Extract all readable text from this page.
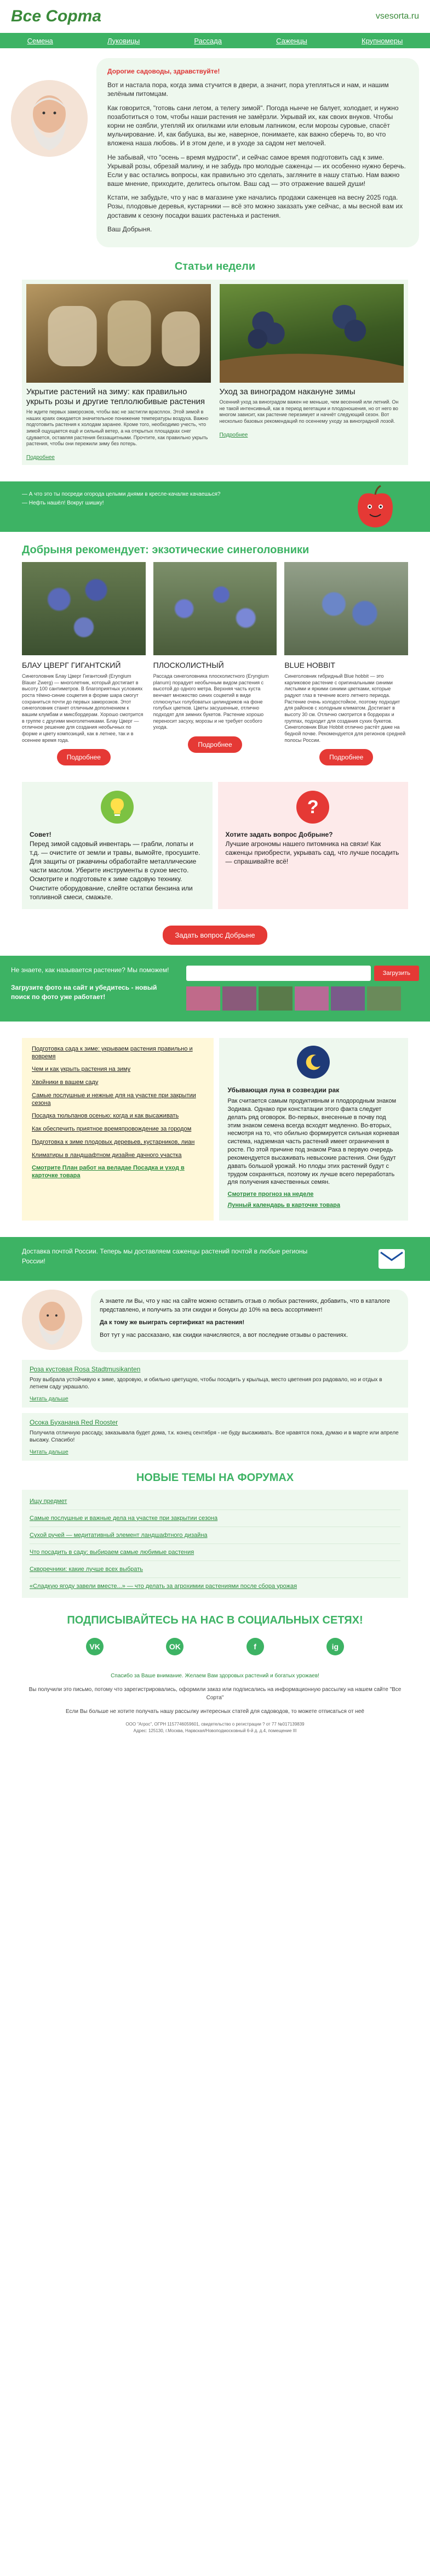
Все Сорта	vsesorta.ru
Семена	Луковицы	Рассада	Саженцы	Крупномеры

Дорогие садоводы, здравствуйте!

Вот и настала пора, когда зима стучится в двери, а значит, пора утепляться и нам, и нашим зелёным питомцам.

Как говорится, "готовь сани летом, а телегу зимой". Погода нынче не балует, холодает, и нужно позаботиться о том, чтобы наши растения не замёрзли. Укрывай их, как своих внуков. Чтобы корни не озябли, утепляй их опилками или еловым лапником, если морозы суровые, спасёт мульчирование. И, как бабушка, вы же, наверное, понимаете, как важно сберечь то, во что вложена наша любовь. И в этом деле, и в уходе за садом нет мелочей.

Не забывай, что "осень – время мудрости", и сейчас самое время подготовить сад к зиме. Укрывай розы, обрезай малину, и не забудь про молодые саженцы — их особенно нужно беречь. Если у вас остались вопросы, как правильно это сделать, загляните в нашу статью. Нам важно ваше мнение, приходите, делитесь опытом. Ваш сад — это отражение вашей души!

Кстати, не забудьте, что у нас в магазине уже начались продажи саженцев на весну 2025 года. Розы, плодовые деревья, кустарники — всё это можно заказать уже сейчас, а мы весной вам их доставим к сезону посадки ваших растенька и растения.

Ваш Добрыня.

Статьи недели
Укрытие растений на зиму: как правильно укрыть розы и другие теплолюбивые растения
Не ждите первых заморозков, чтобы вас не застигли врасплох. Этой зимой в наших краях ожидается значительное понижение температуры воздуха. Важно подготовить растения к холодам заранее. Кроме того, необходимо учесть, что зимой ощущается ещё и сильный ветер, а на открытых площадках снег сдувается, оставляя растения беззащитными. Прочтите, как правильно укрыть растения, чтобы они пережили зиму без потерь.
Подробнее
Уход за виноградом накануне зимы
Осенний уход за виноградом важен не меньше, чем весенний или летний. Он не такой интенсивный, как в период вегетации и плодоношения, но от него во многом зависит, как растение перезимует и начнёт следующий сезон. Вот несколько базовых рекомендаций по осеннему уходу за виноградной лозой.
Подробнее
— А что это ты посреди огорода целыми днями в кресле-качалке качаешься?
— Нефть нашёл! Вокруг шишку!
Добрыня рекомендует: экзотические синеголовники
БЛАУ ЦВЕРГ ГИГАНТСКИЙ
Синеголовник Блау Цверг Гигантский (Eryngium Blauer Zwerg) — многолетник, который достигает в высоту 100 сантиметров. В благоприятных условиях роста тёмно-синие соцветия в форме шара смогут сохраниться почти до первых заморозков. Этот синеголовник станет отличным дополнением к вашим клумбам и миксбордерам. Хорошо смотрится в группе с другими многолетниками. Блау Цверг — отличное решение для создания необычных по форме и цвету композиций, как в летнее, так и в осеннее время года.
Подробнее
ПЛОСКОЛИСТНЫЙ
Рассада синеголовника плосколистного (Eryngium planum) порадует необычным видом растения с высотой до одного метра. Верхняя часть куста венчает множество синих соцветий в виде сплюснутых голубоватых цилиндриков на фоне голубых цветков. Цветы засушенные, отлично подходят для зимних букетов. Растение хорошо переносит засуху, морозы и не требует особого ухода.
Подробнее
BLUE HOBBIT
Синеголовник гибридный Blue hobbit — это карликовое растение с оригинальными синими листьями и яркими синими цветками, которые радуют глаз в течение всего летнего периода. Растение очень холодостойкое, поэтому подходит для районов с холодным климатом. Достигает в высоту 30 см. Отлично смотрится в бордюрах и группах, подходит для создания сухих букетов. Синеголовник Blue Hobbit отлично растёт даже на бедной почве. Рекомендуется для регионов средней полосы России.
Подробнее
Совет!
Перед зимой садовый инвентарь — грабли, лопаты и т.д. — очистите от земли и травы, вымойте, просушите. Для защиты от ржавчины обработайте металлические части маслом. Уберите инструменты в сухое место. Осмотрите и подготовьте к зиме садовую технику. Очистите оборудование, слейте остатки бензина или топливной смеси, смажьте.
?
Хотите задать вопрос Добрыне?
Лучшие агрономы нашего питомника на связи! Как саженцы приобрести, укрывать сад, что лучше посадить — спрашивайте всё!
Задать вопрос Добрыне
Не знаете, как называется растение? Мы поможем!

Загрузите фото на сайт и убедитесь - новый поиск по фото уже работает!
Загрузить
Подготовка сада к зиме: укрываем растения правильно и вовремя
Чем и как укрыть растения на зиму
Хвойники в вашем саду
Самые послушные и нежные для на участке при закрытии сезона
Посадка тюльпанов осенью: когда и как высаживать
Как обеспечить приятное времяпровождение за городом
Подготовка к зиме плодовых деревьев, кустарников, лиан
Климатиры в ландшафтном дизайне дачного участка
Смотрите План работ на веладае Посадка и уход в карточке товара
Убывающая луна в созвездии рак

Рак считается самым продуктивным и плодородным знаком Зодиака. Однако при констатации этого факта следует делать ряд оговорок. Во-первых, внесенные в почву под этим знаком семена всегда всходят медленно. Во-вторых, несмотря на то, что обильно формируется сильная корневая система, надземная часть растений имеет ограничения в росте. По этой причине под знаком Рака в первую очередь рекомендуется высаживать невысокие растения. Они будут давать большой урожай. Но плоды этих растений будут с трудом сохраняться, поэтому их лучше всего переработать для получения качественных семян.

Смотрите прогноз на неделе
Лунный календарь в карточке товара
Доставка почтой России. Теперь мы доставляем саженцы растений почтой в любые регионы России!

А знаете ли Вы, что у нас на сайте можно оставить отзыв о любых растениях, добавить, что в каталоге представлено, и получить за эти скидки и бонусы до 10% на весь ассортимент!

Да к тому же выиграть сертификат на растения!

Вот тут у нас рассказано, как скидки начисляются, а вот последние отзывы о растениях.

Роза кустовая Rosa Stadtmusikanten

Розу выбрала устойчивую к зиме, здоровую, и обильно цветущую, чтобы посадить у крыльца, место цветения роз радовало, но и отдых в летнем саду украшало.

Читать дальше
Осока Бухананa Red Rooster

Получила отличную рассаду, заказывала будет дома, т.к. конец сентября - не буду высаживать. Все нравятся пока, думаю и в марте или апреле высажу. Спасибо!

Читать дальше
НОВЫЕ ТЕМЫ НА ФОРУМАХ
Ищу предмет
Самые послушные и важные дела на участке при закрытии сезона
Сухой ручей — медитативный элемент ландшафтного дизайна
Что посадить в саду: выбираем самые любимые растения
Скворечники: какие лучше всех выбрать
«Сладкую ягоду завели вместе...» — что делать за агрохимии растениями после сбора урожая
ПОДПИСЫВАЙТЕСЬ НА НАС В СОЦИАЛЬНЫХ СЕТЯХ!
VK	OK	f	ig
Спасибо за Ваше внимание. Желаем Вам здоровых растений и богатых урожаев!

Вы получили это письмо, потому что зарегистрировались, оформили заказ или подписались на информационную рассылку на нашем сайте "Все Сорта"

Если Вы больше не хотите получать нашу рассылку интересных статей для садоводов, то можете отписаться от неё

ООО "Агрос", ОГРН 1157746059601, свидетельство о регистрации ? от 77 №017139839
Адрес: 125130, г.Москва, Нарвская/Новоподмосковный 6-й д. д.4, помещение III
